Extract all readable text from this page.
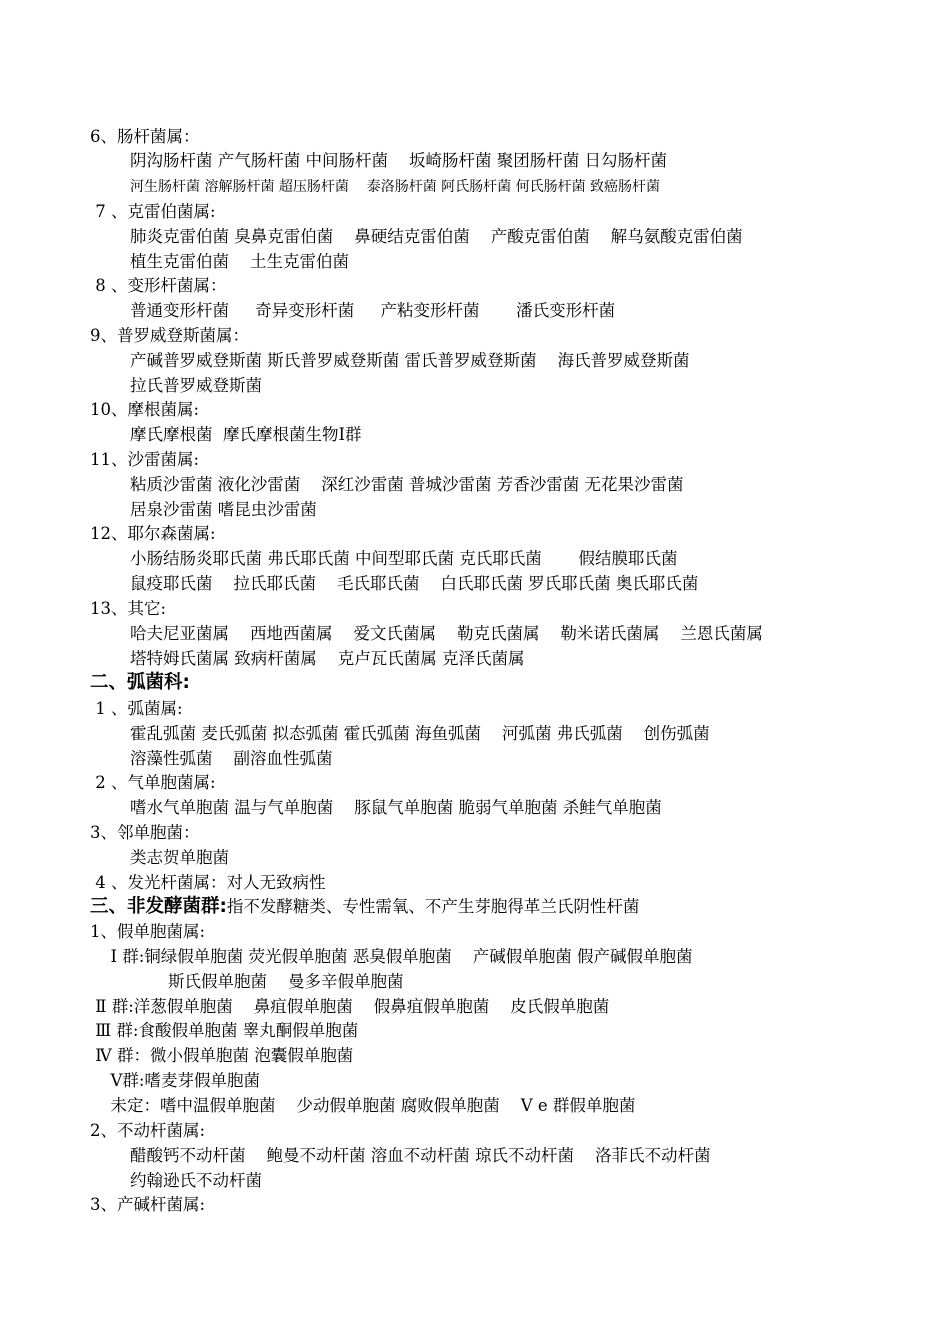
6、肠杆菌属：
阴沟肠杆菌 产气肠杆菌 中间肠杆菌    坂崎肠杆菌 聚团肠杆菌 日勾肠杆菌
河生肠杆菌 溶解肠杆菌 超压肠杆菌    泰洛肠杆菌 阿氏肠杆菌 何氏肠杆菌 致癌肠杆菌
7 、克雷伯菌属:
肺炎克雷伯菌 臭鼻克雷伯菌    鼻硬结克雷伯菌    产酸克雷伯菌    解乌氨酸克雷伯菌
植生克雷伯菌    土生克雷伯菌
8 、变形杆菌属：
普通变形杆菌     奇异变形杆菌     产粘变形杆菌       潘氏变形杆菌
9、普罗威登斯菌属：
产碱普罗威登斯菌 斯氏普罗威登斯菌 雷氏普罗威登斯菌    海氏普罗威登斯菌
拉氏普罗威登斯菌
10、摩根菌属:
摩氏摩根菌  摩氏摩根菌生物Ⅰ群
11、沙雷菌属:
粘质沙雷菌 液化沙雷菌    深红沙雷菌 普城沙雷菌 芳香沙雷菌 无花果沙雷菌
居泉沙雷菌 嗜昆虫沙雷菌
12、耶尔森菌属:
小肠结肠炎耶氏菌 弗氏耶氏菌 中间型耶氏菌 克氏耶氏菌       假结膜耶氏菌
鼠疫耶氏菌    拉氏耶氏菌    毛氏耶氏菌    白氏耶氏菌 罗氏耶氏菌 奥氏耶氏菌
13、其它:
哈夫尼亚菌属    西地西菌属    爱文氏菌属    勒克氏菌属    勒米诺氏菌属    兰恩氏菌属
塔特姆氏菌属 致病杆菌属    克卢瓦氏菌属 克泽氏菌属
二、弧菌科:
1 、弧菌属:
霍乱弧菌 麦氏弧菌 拟态弧菌 霍氏弧菌 海鱼弧菌    河弧菌 弗氏弧菌    创伤弧菌
溶藻性弧菌    副溶血性弧菌
2 、气单胞菌属:
嗜水气单胞菌 温与气单胞菌    豚鼠气单胞菌 脆弱气单胞菌 杀鲑气单胞菌
3、邻单胞菌：
类志贺单胞菌
4 、发光杆菌属：对人无致病性
三、非发酵菌群:指不发酵糖类、专性需氧、不产生芽胞得革兰氏阴性杆菌
1、假单胞菌属:
Ⅰ 群:铜绿假单胞菌 荧光假单胞菌 恶臭假单胞菌    产碱假单胞菌 假产碱假单胞菌
斯氏假单胞菌    曼多辛假单胞菌
Ⅱ 群:洋葱假单胞菌    鼻疽假单胞菌    假鼻疽假单胞菌    皮氏假单胞菌
Ⅲ 群:食酸假单胞菌 睾丸酮假单胞菌
Ⅳ 群：微小假单胞菌 泡囊假单胞菌
Ⅴ群:嗜麦芽假单胞菌
未定：嗜中温假单胞菌    少动假单胞菌 腐败假单胞菌    Ⅴ e 群假单胞菌
2、不动杆菌属:
醋酸钙不动杆菌    鲍曼不动杆菌 溶血不动杆菌 琼氏不动杆菌    洛菲氏不动杆菌
约翰逊氏不动杆菌
3、产碱杆菌属:
